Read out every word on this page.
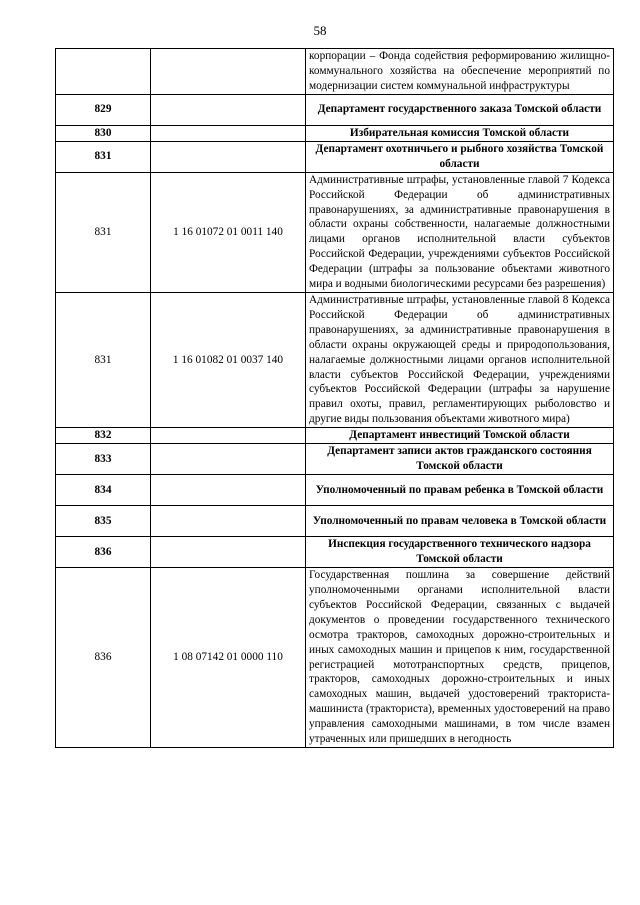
58
		корпорации – Фонда содействия реформированию жилищно-коммунального хозяйства на обеспечение мероприятий по модернизации систем коммунальной инфраструктуры
829		Департамент государственного заказа Томской области
830		Избирательная комиссия Томской области
831		Департамент охотничьего и рыбного хозяйства Томской области
831	1 16 01072 01 0011 140	Административные штрафы, установленные главой 7 Кодекса Российской Федерации об административных правонарушениях, за административные правонарушения в области охраны собственности, налагаемые должностными лицами органов исполнительной власти субъектов Российской Федерации, учреждениями субъектов Российской Федерации (штрафы за пользование объектами животного мира и водными биологическими ресурсами без разрешения)
831	1 16 01082 01 0037 140	Административные штрафы, установленные главой 8 Кодекса Российской Федерации об административных правонарушениях, за административные правонарушения в области охраны окружающей среды и природопользования, налагаемые должностными лицами органов исполнительной власти субъектов Российской Федерации, учреждениями субъектов Российской Федерации (штрафы за нарушение правил охоты, правил, регламентирующих рыболовство и другие виды пользования объектами животного мира)
832		Департамент инвестиций Томской области
833		Департамент записи актов гражданского состояния Томской области
834		Уполномоченный по правам ребенка в Томской области
835		Уполномоченный по правам человека в Томской области
836		Инспекция государственного технического надзора Томской области
836	1 08 07142 01 0000 110	Государственная пошлина за совершение действий уполномоченными органами исполнительной власти субъектов Российской Федерации, связанных с выдачей документов о проведении государственного технического осмотра тракторов, самоходных дорожно-строительных и иных самоходных машин и прицепов к ним, государственной регистрацией мототранспортных средств, прицепов, тракторов, самоходных дорожно-строительных и иных самоходных машин, выдачей удостоверений тракториста-машиниста (тракториста), временных удостоверений на право управления самоходными машинами, в том числе взамен утраченных или пришедших в негодность
